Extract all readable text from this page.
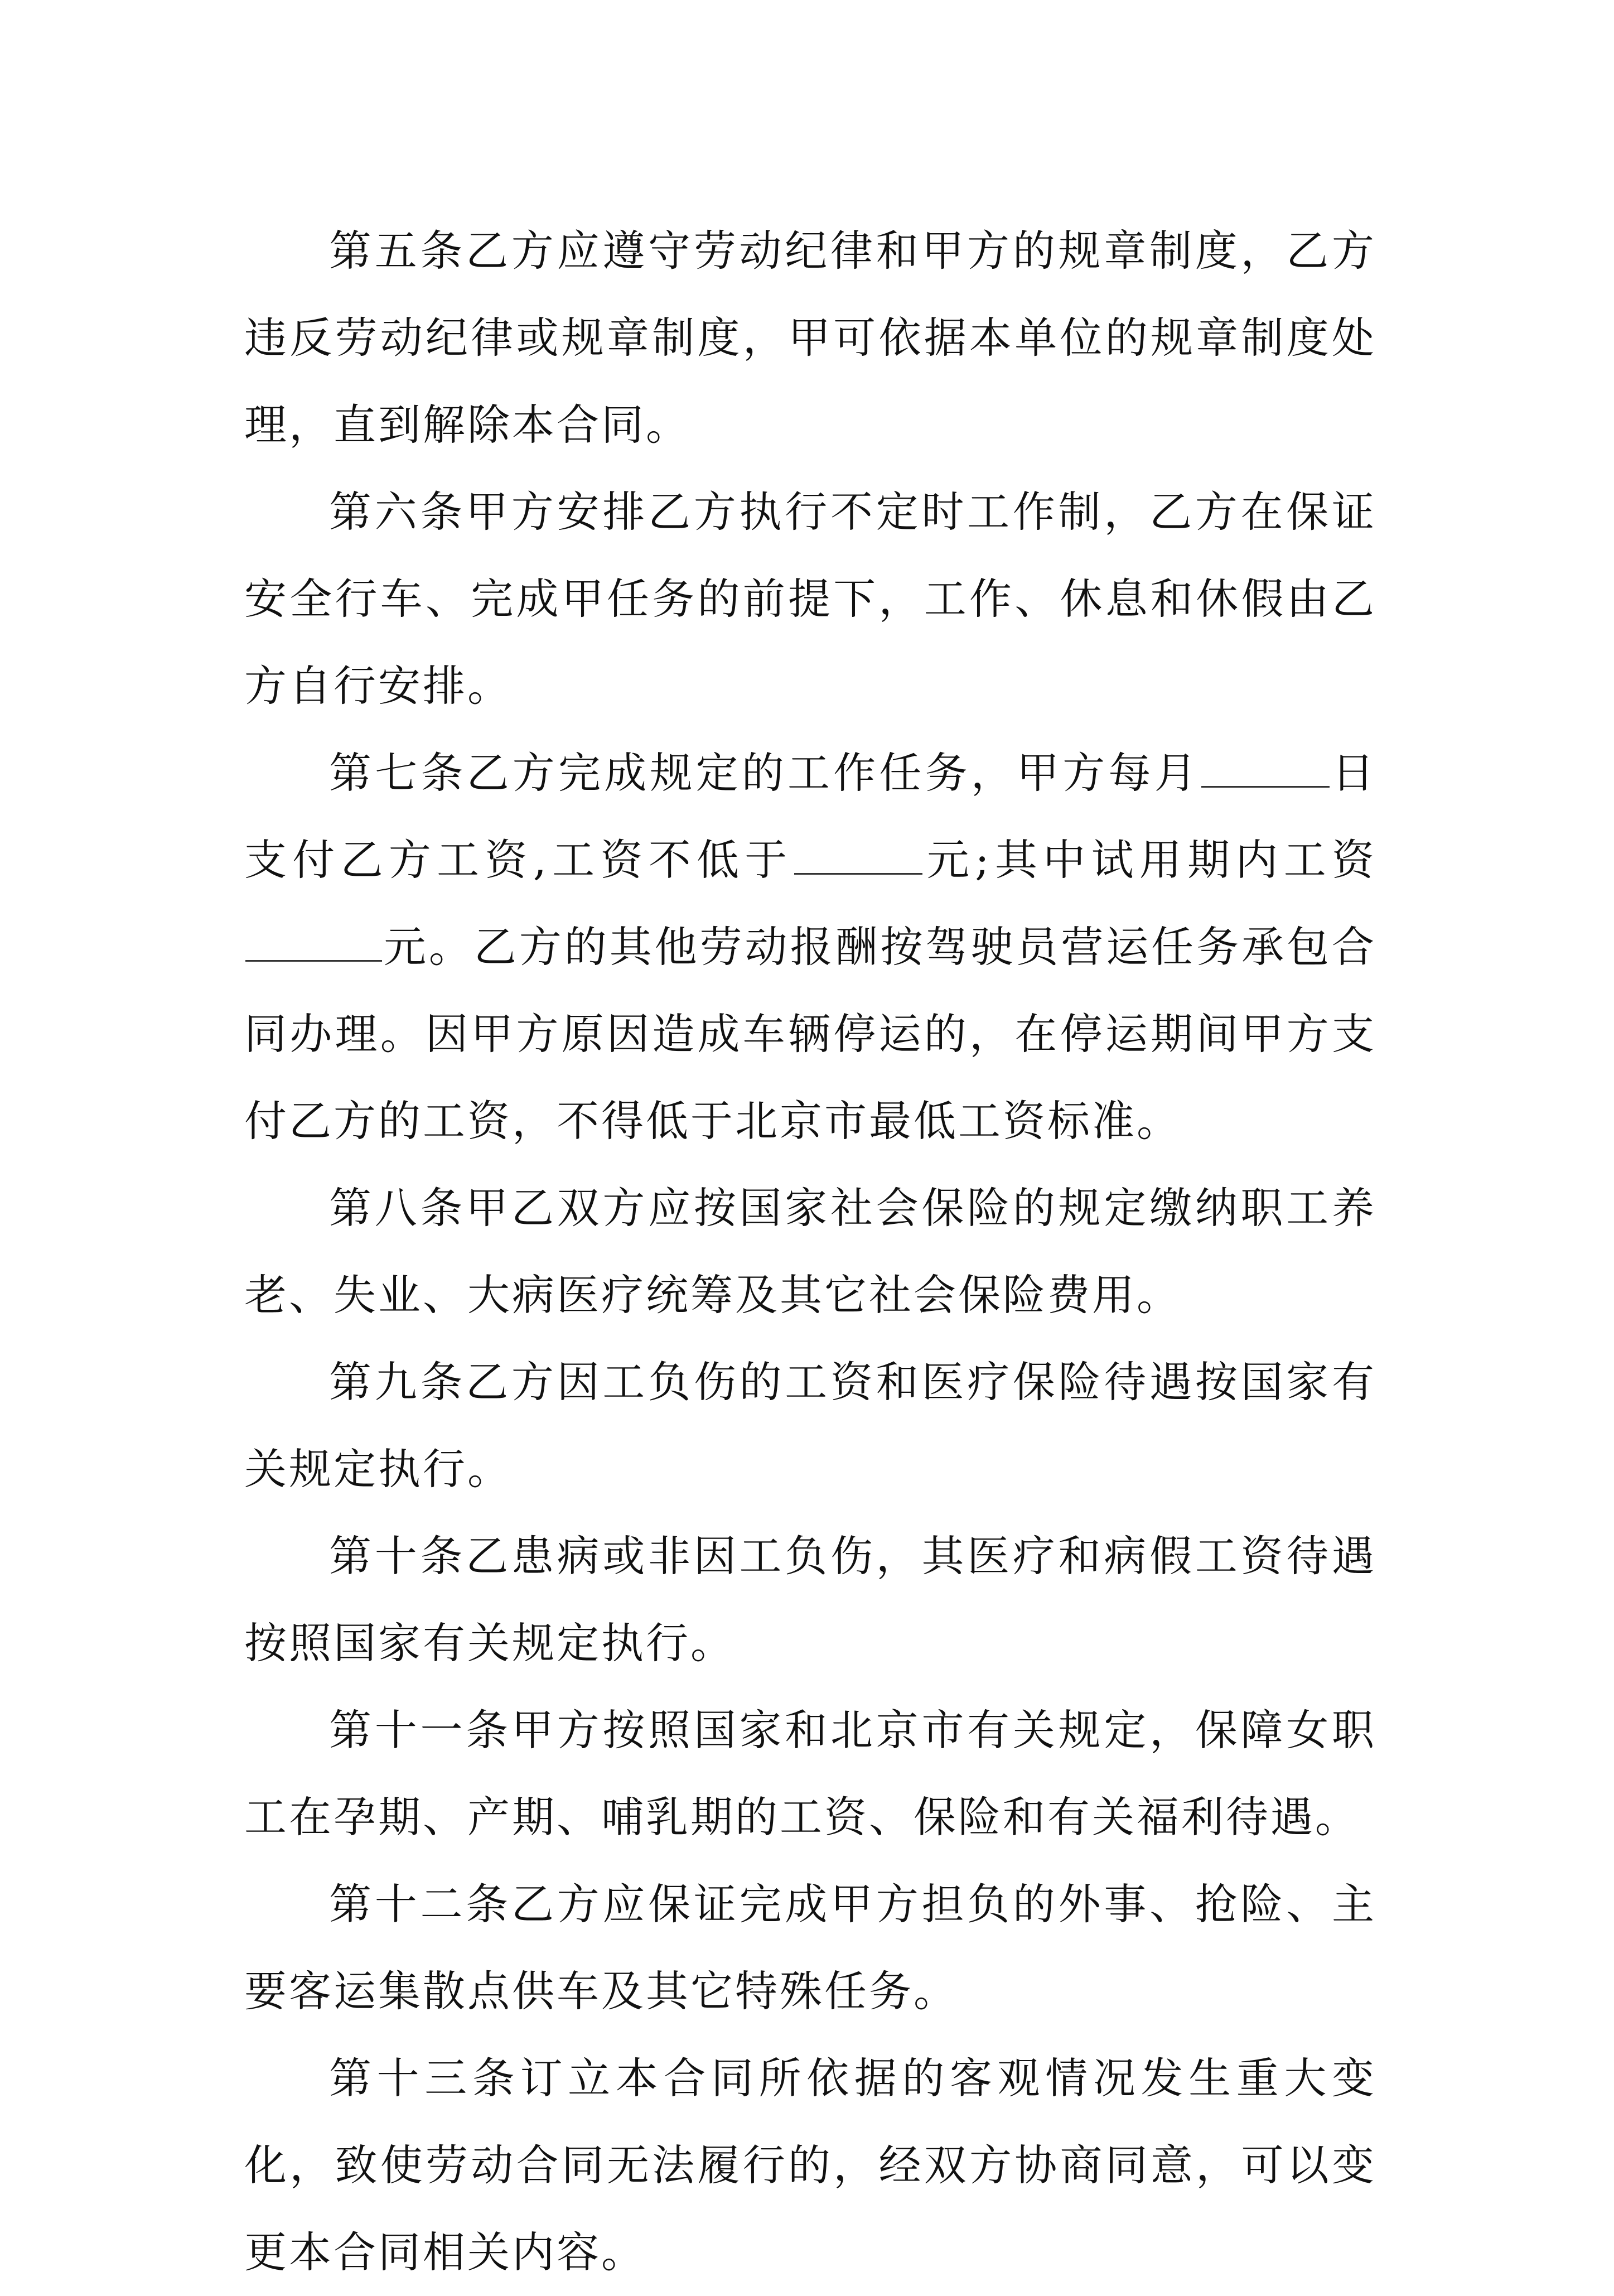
第五条乙方应遵守劳动纪律和甲方的规章制度，乙方违反劳动纪律或规章制度，甲可依据本单位的规章制度处理，直到解除本合同。

第六条甲方安排乙方执行不定时工作制，乙方在保证安全行车、完成甲任务的前提下，工作、休息和休假由乙方自行安排。

第七条乙方完成规定的工作任务，甲方每月	日支付乙方工资,工资不低于	元;其中试用期内工资元。乙方的其他劳动报酬按驾驶员营运任务承包合同办理。因甲方原因造成车辆停运的，在停运期间甲方支付乙方的工资，不得低于北京市最低工资标准。

第八条甲乙双方应按国家社会保险的规定缴纳职工养老、失业、大病医疗统筹及其它社会保险费用。

第九条乙方因工负伤的工资和医疗保险待遇按国家有关规定执行。

第十条乙患病或非因工负伤，其医疗和病假工资待遇按照国家有关规定执行。

第十一条甲方按照国家和北京市有关规定，保障女职工在孕期、产期、哺乳期的工资、保险和有关福利待遇。

第十二条乙方应保证完成甲方担负的外事、抢险、主要客运集散点供车及其它特殊任务。

第十三条订立本合同所依据的客观情况发生重大变化，致使劳动合同无法履行的，经双方协商同意，可以变更本合同相关内容。
